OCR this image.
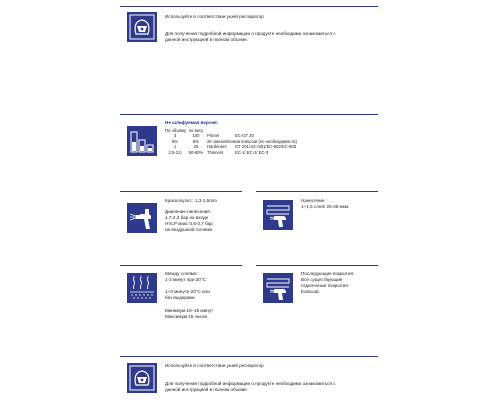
Используйте в соответствии ушей респиратор
Для получения подробной информации о продукте необходимо ознакомиться с
данной инструкцией в полном объеме.
Не шлифуемая версия:
По объему по весу
3	100	Primer	EC-GT 20
8%	8%	2K эмалей/лаков Easicoat (по необходимости)
1	25	Hardeners	GT 201/ EC-801/EC-802/EC-803
2,5-3,0	50-60% Thinners	EC-1/ EC-2/ EC-3
Краскопульт : 1,3-1,5mm
Давление нанесения :
1,7-2,2 бар на входе
HVLP макс 0,6-0,7 бар
на воздушной головке
Нанесение :
1~1,5 слоя/ 25-35 мкм.
Между слоями :
1-3 минут при 20°C
1~3 минуте 20°C или
без выдержки
Минимум 10–15 минут
Максимум 15 часов
Последующие покрытия:
Все существующие
отделочные покрытия
Easicoat.
Используйте в соответствии ушей респиратор
Для получения подробной информации о продукте необходимо ознакомиться с
данной инструкцией в полном объеме.
